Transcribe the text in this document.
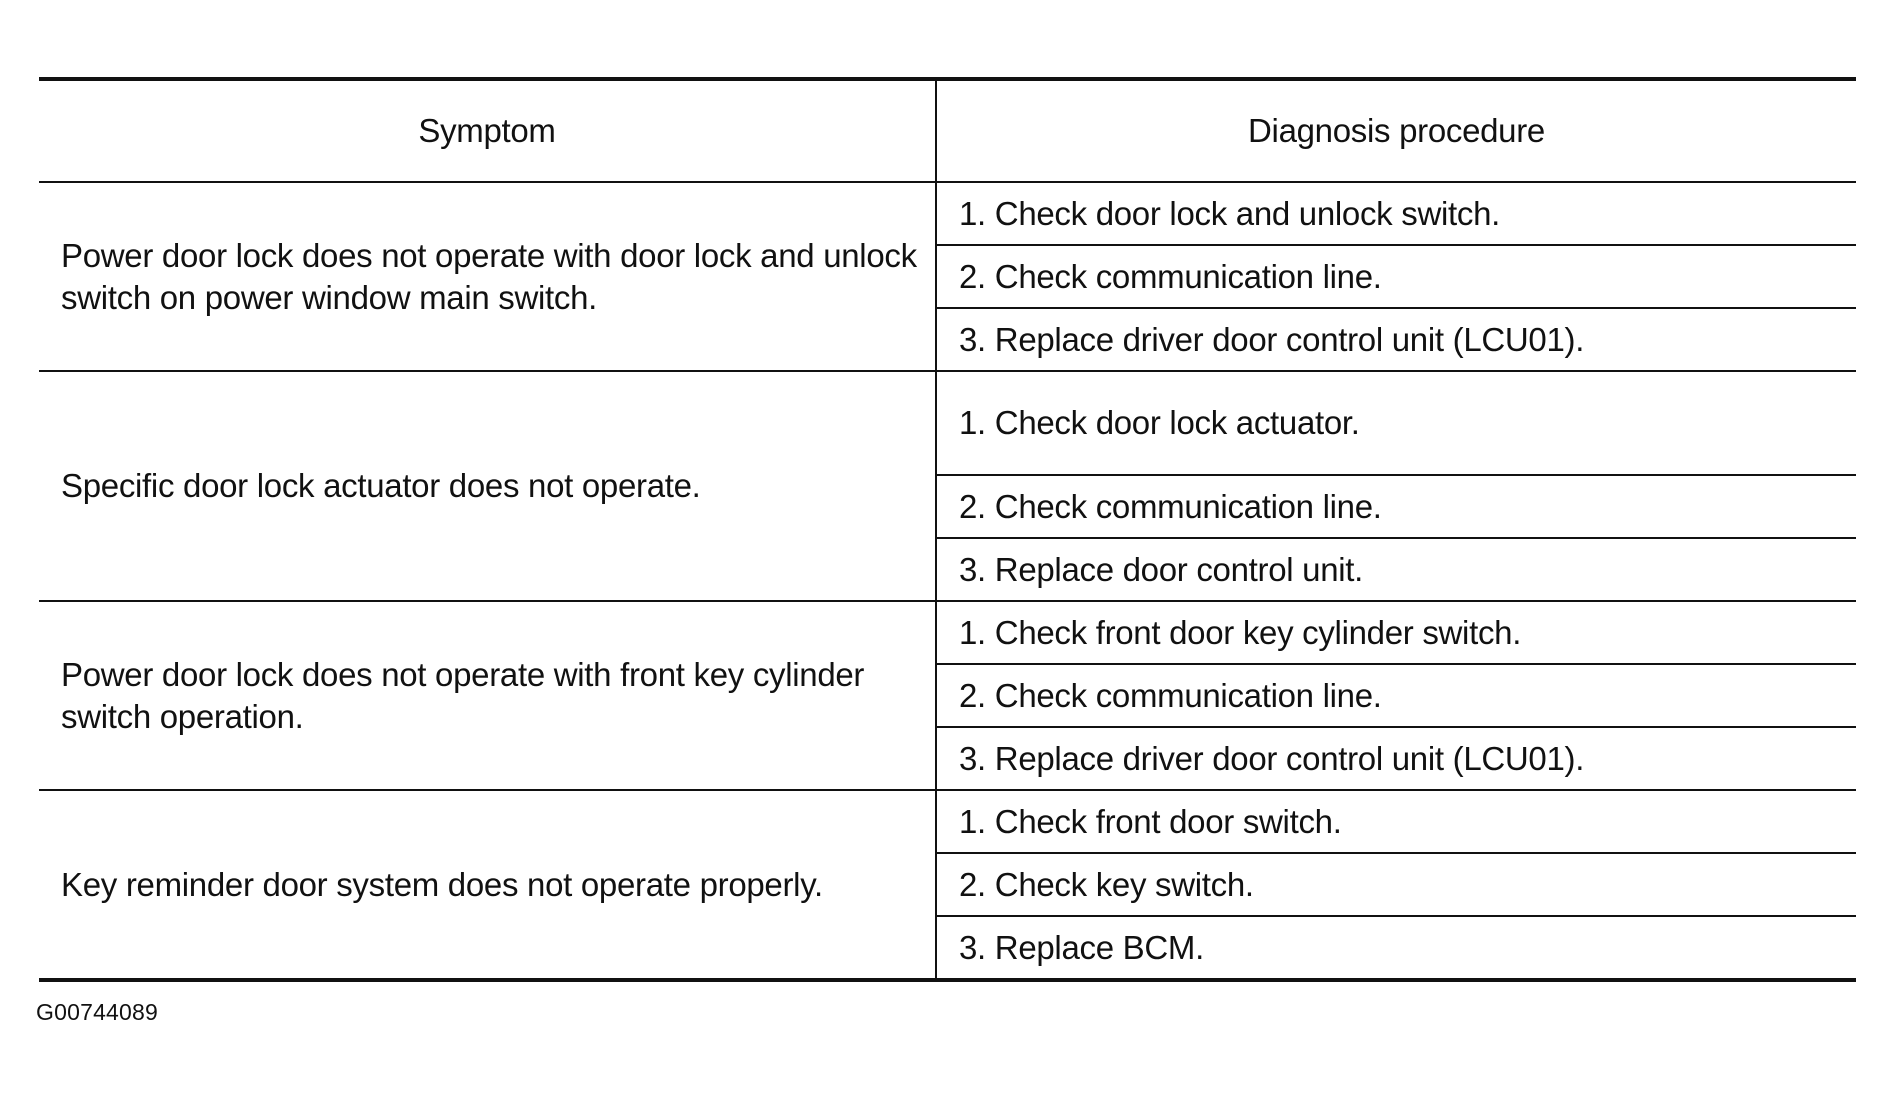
Symptom	Diagnosis procedure
Power door lock does not operate with door lock and unlock switch on power window main switch.	1. Check door lock and unlock switch.
	2. Check communication line.
	3. Replace driver door control unit (LCU01).
Specific door lock actuator does not operate.	1. Check door lock actuator.
	2. Check communication line.
	3. Replace door control unit.
Power door lock does not operate with front key cylinder switch operation.	1. Check front door key cylinder switch.
	2. Check communication line.
	3. Replace driver door control unit (LCU01).
Key reminder door system does not operate properly.	1. Check front door switch.
	2. Check key switch.
	3. Replace BCM.
G00744089
